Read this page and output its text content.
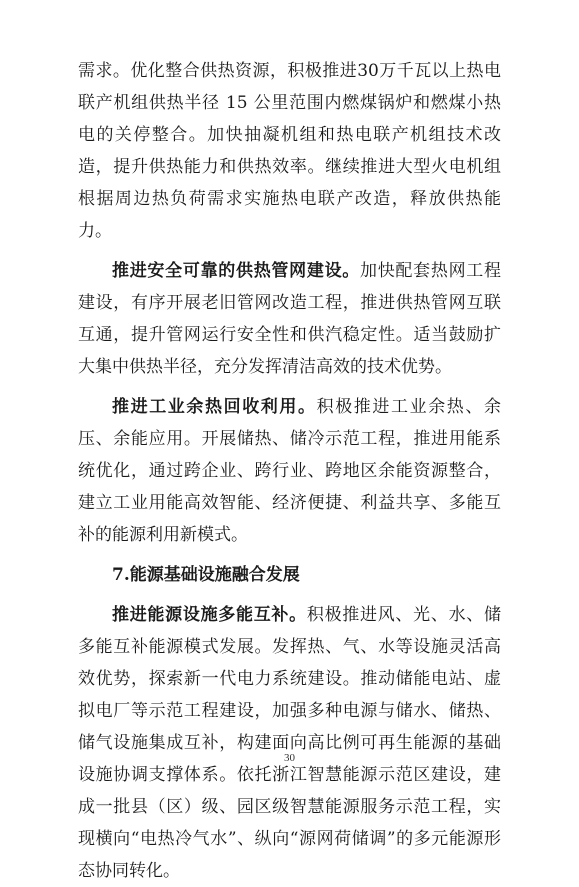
需求。优化整合供热资源，积极推进30万千瓦以上热电联产机组供热半径 15 公里范围内燃煤锅炉和燃煤小热电的关停整合。加快抽凝机组和热电联产机组技术改造，提升供热能力和供热效率。继续推进大型火电机组根据周边热负荷需求实施热电联产改造，释放供热能力。

推进安全可靠的供热管网建设。加快配套热网工程建设，有序开展老旧管网改造工程，推进供热管网互联互通，提升管网运行安全性和供汽稳定性。适当鼓励扩大集中供热半径，充分发挥清洁高效的技术优势。

推进工业余热回收利用。积极推进工业余热、余压、余能应用。开展储热、储冷示范工程，推进用能系统优化，通过跨企业、跨行业、跨地区余能资源整合，建立工业用能高效智能、经济便捷、利益共享、多能互补的能源利用新模式。

7.能源基础设施融合发展

推进能源设施多能互补。积极推进风、光、水、储多能互补能源模式发展。发挥热、气、水等设施灵活高效优势，探索新一代电力系统建设。推动储能电站、虚拟电厂等示范工程建设，加强多种电源与储水、储热、储气设施集成互补，构建面向高比例可再生能源的基础设施协调支撑体系。依托浙江智慧能源示范区建设，建成一批县（区）级、园区级智慧能源服务示范工程，实现横向“电热冷气水”、纵向“源网荷储调”的多元能源形态协同转化。

30
